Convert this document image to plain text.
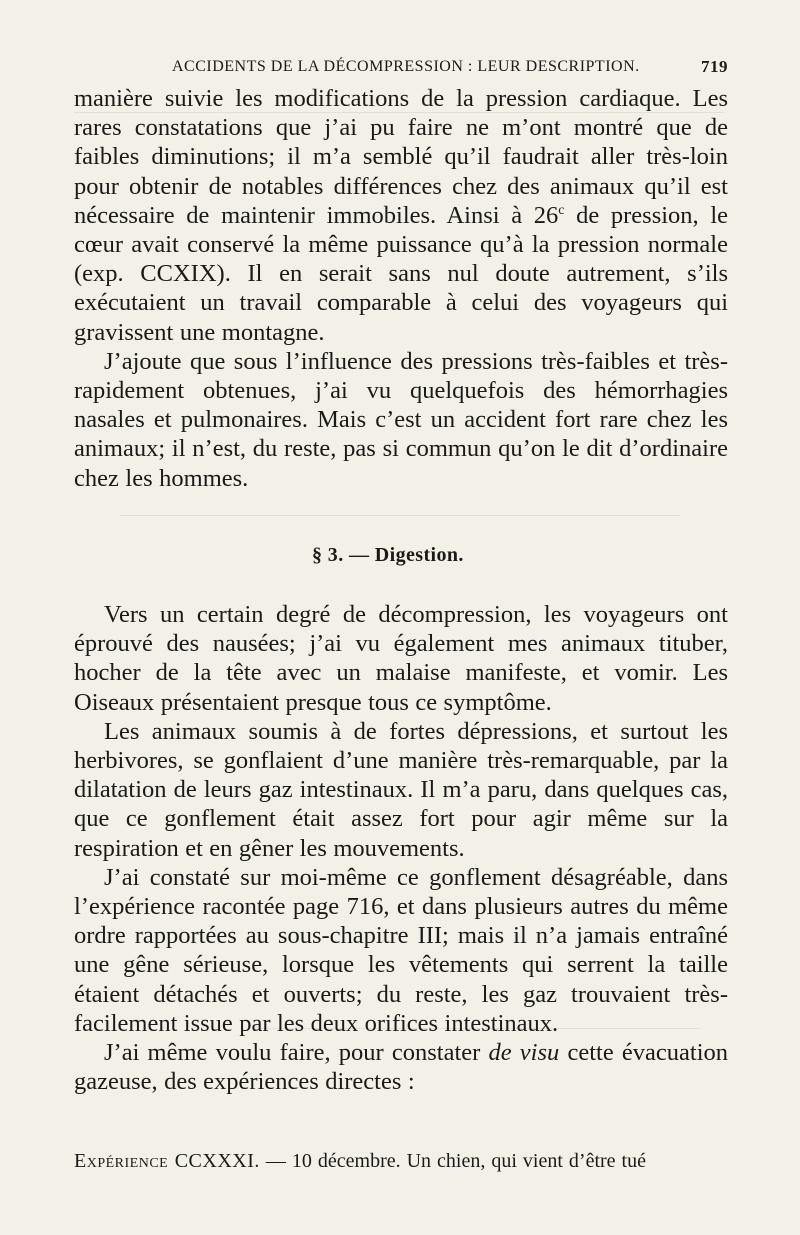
ACCIDENTS DE LA DÉCOMPRESSION : LEUR DESCRIPTION.	719

manière suivie les modifications de la pression cardiaque. Les rares constatations que j’ai pu faire ne m’ont montré que de faibles diminutions; il m’a semblé qu’il faudrait aller très-loin pour obtenir de notables différences chez des animaux qu’il est nécessaire de maintenir immobiles. Ainsi à 26$^c$ de pression, le cœur avait conservé la même puissance qu’à la pression normale (exp. CCXIX). Il en serait sans nul doute autrement, s’ils exécutaient un travail comparable à celui des voyageurs qui gravissent une montagne.

J’ajoute que sous l’influence des pressions très-faibles et très-rapidement obtenues, j’ai vu quelquefois des hémorrhagies nasales et pulmonaires. Mais c’est un accident fort rare chez les animaux; il n’est, du reste, pas si commun qu’on le dit d’ordinaire chez les hommes.

§ 3. — Digestion.

Vers un certain degré de décompression, les voyageurs ont éprouvé des nausées; j’ai vu également mes animaux tituber, hocher de la tête avec un malaise manifeste, et vomir. Les Oiseaux présentaient presque tous ce symptôme.

Les animaux soumis à de fortes dépressions, et surtout les herbivores, se gonflaient d’une manière très-remarquable, par la dilatation de leurs gaz intestinaux. Il m’a paru, dans quelques cas, que ce gonflement était assez fort pour agir même sur la respiration et en gêner les mouvements.

J’ai constaté sur moi-même ce gonflement désagréable, dans l’expérience racontée page 716, et dans plusieurs autres du même ordre rapportées au sous-chapitre III; mais il n’a jamais entraîné une gêne sérieuse, lorsque les vêtements qui serrent la taille étaient détachés et ouverts; du reste, les gaz trouvaient très-facilement issue par les deux orifices intestinaux.

J’ai même voulu faire, pour constater de visu cette évacuation gazeuse, des expériences directes :

Expérience CCXXXI. — 10 décembre. Un chien, qui vient d’être tué
